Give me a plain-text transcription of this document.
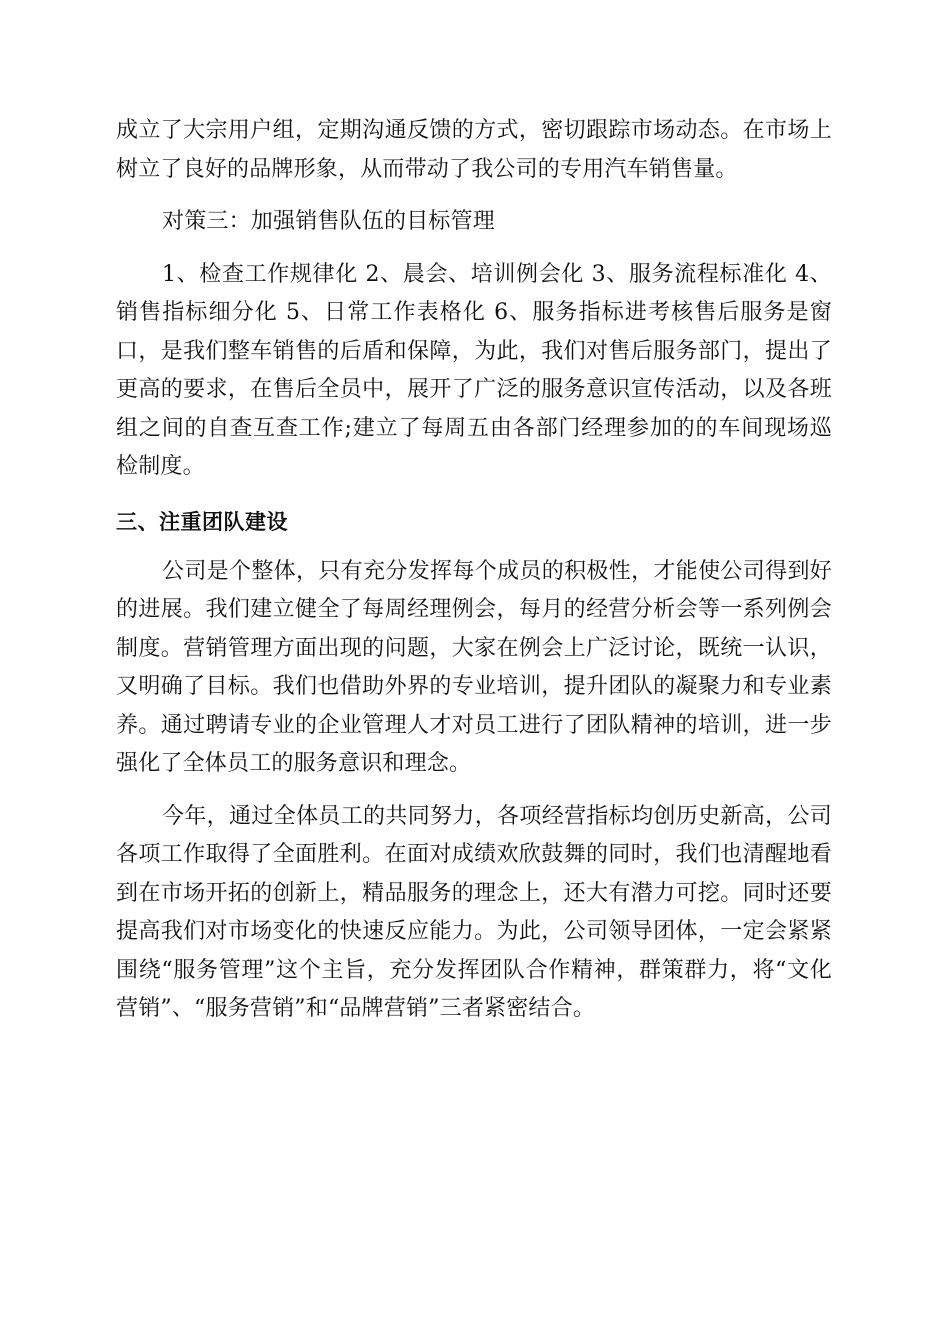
成立了大宗用户组，定期沟通反馈的方式，密切跟踪市场动态。在市场上树立了良好的品牌形象，从而带动了我公司的专用汽车销售量。

对策三：加强销售队伍的目标管理

1、检查工作规律化 2、晨会、培训例会化 3、服务流程标准化 4、销售指标细分化 5、日常工作表格化 6、服务指标进考核售后服务是窗口，是我们整车销售的后盾和保障，为此，我们对售后服务部门，提出了更高的要求，在售后全员中，展开了广泛的服务意识宣传活动，以及各班组之间的自查互查工作;建立了每周五由各部门经理参加的的车间现场巡检制度。

三、注重团队建设

公司是个整体，只有充分发挥每个成员的积极性，才能使公司得到好的进展。我们建立健全了每周经理例会，每月的经营分析会等一系列例会制度。营销管理方面出现的问题，大家在例会上广泛讨论，既统一认识，又明确了目标。我们也借助外界的专业培训，提升团队的凝聚力和专业素养。通过聘请专业的企业管理人才对员工进行了团队精神的培训，进一步强化了全体员工的服务意识和理念。

今年，通过全体员工的共同努力，各项经营指标均创历史新高，公司各项工作取得了全面胜利。在面对成绩欢欣鼓舞的同时，我们也清醒地看到在市场开拓的创新上，精品服务的理念上，还大有潜力可挖。同时还要提高我们对市场变化的快速反应能力。为此，公司领导团体，一定会紧紧围绕“服务管理”这个主旨，充分发挥团队合作精神，群策群力，将“文化营销”、“服务营销”和“品牌营销”三者紧密结合。
